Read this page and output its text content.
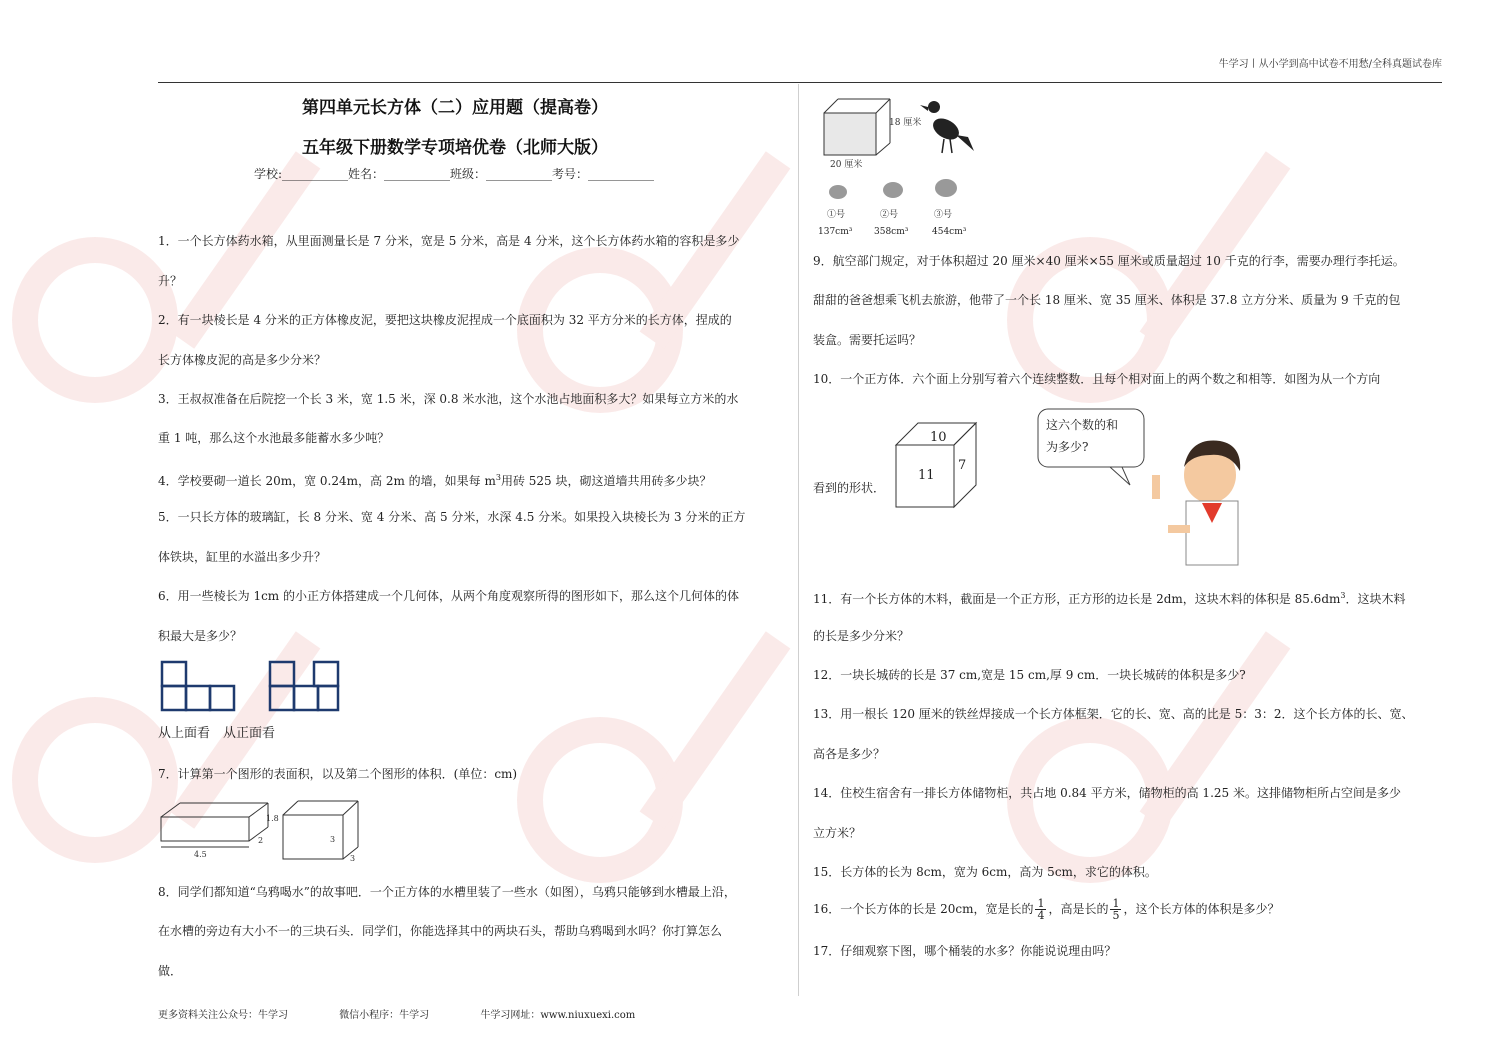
牛学习丨从小学到高中试卷不用愁/全科真题试卷库
第四单元长方体（二）应用题（提高卷）
五年级下册数学专项培优卷（北师大版）
学校:___________姓名：___________班级：___________考号：___________
1．一个长方体药水箱，从里面测量长是 7 分米，宽是 5 分米，高是 4 分米，这个长方体药水箱的容积是多少
升？
2．有一块棱长是 4 分米的正方体橡皮泥，要把这块橡皮泥捏成一个底面积为 32 平方分米的长方体，捏成的
长方体橡皮泥的高是多少分米？
3．王叔叔准备在后院挖一个长 3 米，宽 1.5 米，深 0.8 米水池，这个水池占地面积多大？如果每立方米的水
重 1 吨，那么这个水池最多能蓄水多少吨？
4．学校要砌一道长 20m，宽 0.24m，高 2m 的墙，如果每 $m^3$用砖 525 块，砌这道墙共用砖多少块？
5．一只长方体的玻璃缸，长 8 分米、宽 4 分米、高 5 分米，水深 4.5 分米。如果投入块棱长为 3 分米的正方
体铁块，缸里的水溢出多少升？
6．用一些棱长为 1cm 的小正方体搭建成一个几何体，从两个角度观察所得的图形如下，那么这个几何体的体
积最大是多少？
从上面看　从正面看
7．计算第一个图形的表面积，以及第二个图形的体积．(单位：cm)
4.5
2
1.8
3
3
8．同学们都知道“乌鸦喝水”的故事吧．一个正方体的水槽里装了一些水（如图），乌鸦只能够到水槽最上沿，
在水槽的旁边有大小不一的三块石头．同学们，你能选择其中的两块石头，帮助乌鸦喝到水吗？你打算怎么
做．
18 厘米
20 厘米
①号	②号	③号
137cm³ 358cm³	454cm³
9．航空部门规定，对于体积超过 20 厘米×40 厘米×55 厘米或质量超过 10 千克的行李，需要办理行李托运。
甜甜的爸爸想乘飞机去旅游，他带了一个长 18 厘米、宽 35 厘米、体积是 37.8 立方分米、质量为 9 千克的包
装盒。需要托运吗？
10．一个正方体．六个面上分别写着六个连续整数．且每个相对面上的两个数之和相等．如图为从一个方向
看到的形状．
10
11
7
这六个数的和
为多少?
11．有一个长方体的木料，截面是一个正方形，正方形的边长是 2dm，这块木料的体积是 $85.6dm^3$．这块木料
的长是多少分米？
12．一块长城砖的长是 37 cm,宽是 15 cm,厚 9 cm．一块长城砖的体积是多少?
13．用一根长 120 厘米的铁丝焊接成一个长方体框架．它的长、宽、高的比是 5：3：2．这个长方体的长、宽、
高各是多少？
14．住校生宿舍有一排长方体储物柜，共占地 0.84 平方米，储物柜的高 1.25 米。这排储物柜所占空间是多少
立方米？
15．长方体的长为 8cm，宽为 6cm，高为 5cm，求它的体积。
16．一个长方体的长是 20cm，宽是长的 $\frac{1}{4}$ ，高是长的 $\frac{1}{5}$ ，这个长方体的体积是多少？
17．仔细观察下图，哪个桶装的水多？你能说说理由吗？
更多资料关注公众号：牛学习	微信小程序：牛学习	牛学习网址：www.niuxuexi.com
